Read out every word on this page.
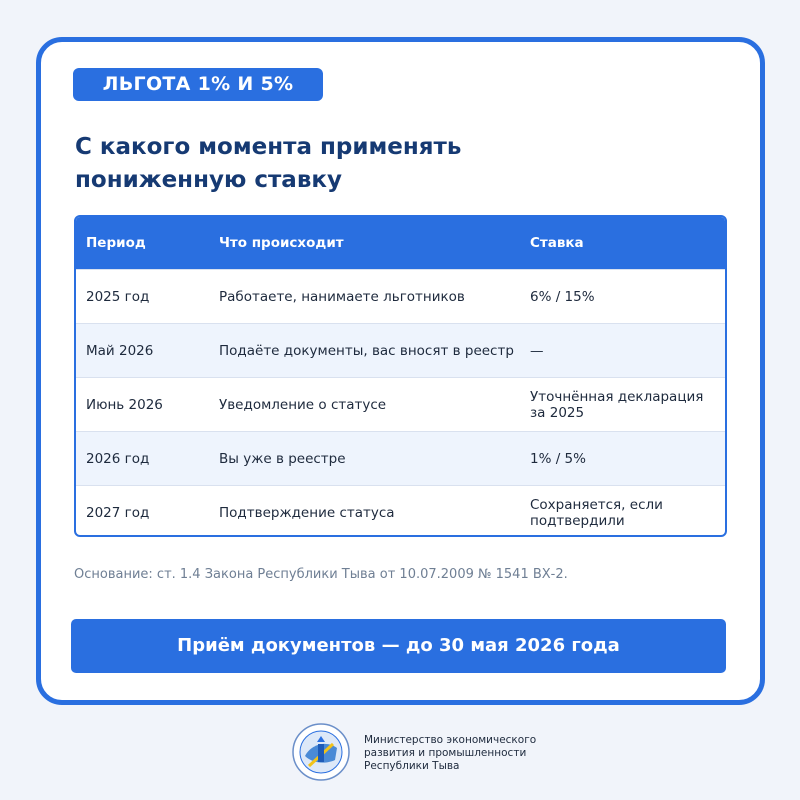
ЛЬГОТА 1% И 5%
С какого момента применять
пониженную ставку
Период	Что происходит	Ставка
2025 год	Работаете, нанимаете льготников	6% / 15%
Май 2026	Подаёте документы, вас вносят в реестр	—
Июнь 2026	Уведомление о статусе	Уточнённая декларация за 2025
2026 год	Вы уже в реестре	1% / 5%
2027 год	Подтверждение статуса	Сохраняется, если подтвердили
Основание: ст. 1.4 Закона Республики Тыва от 10.07.2009 № 1541 ВХ-2.
Приём документов — до 30 мая 2026 года
Министерство экономического
развития и промышленности
Республики Тыва
